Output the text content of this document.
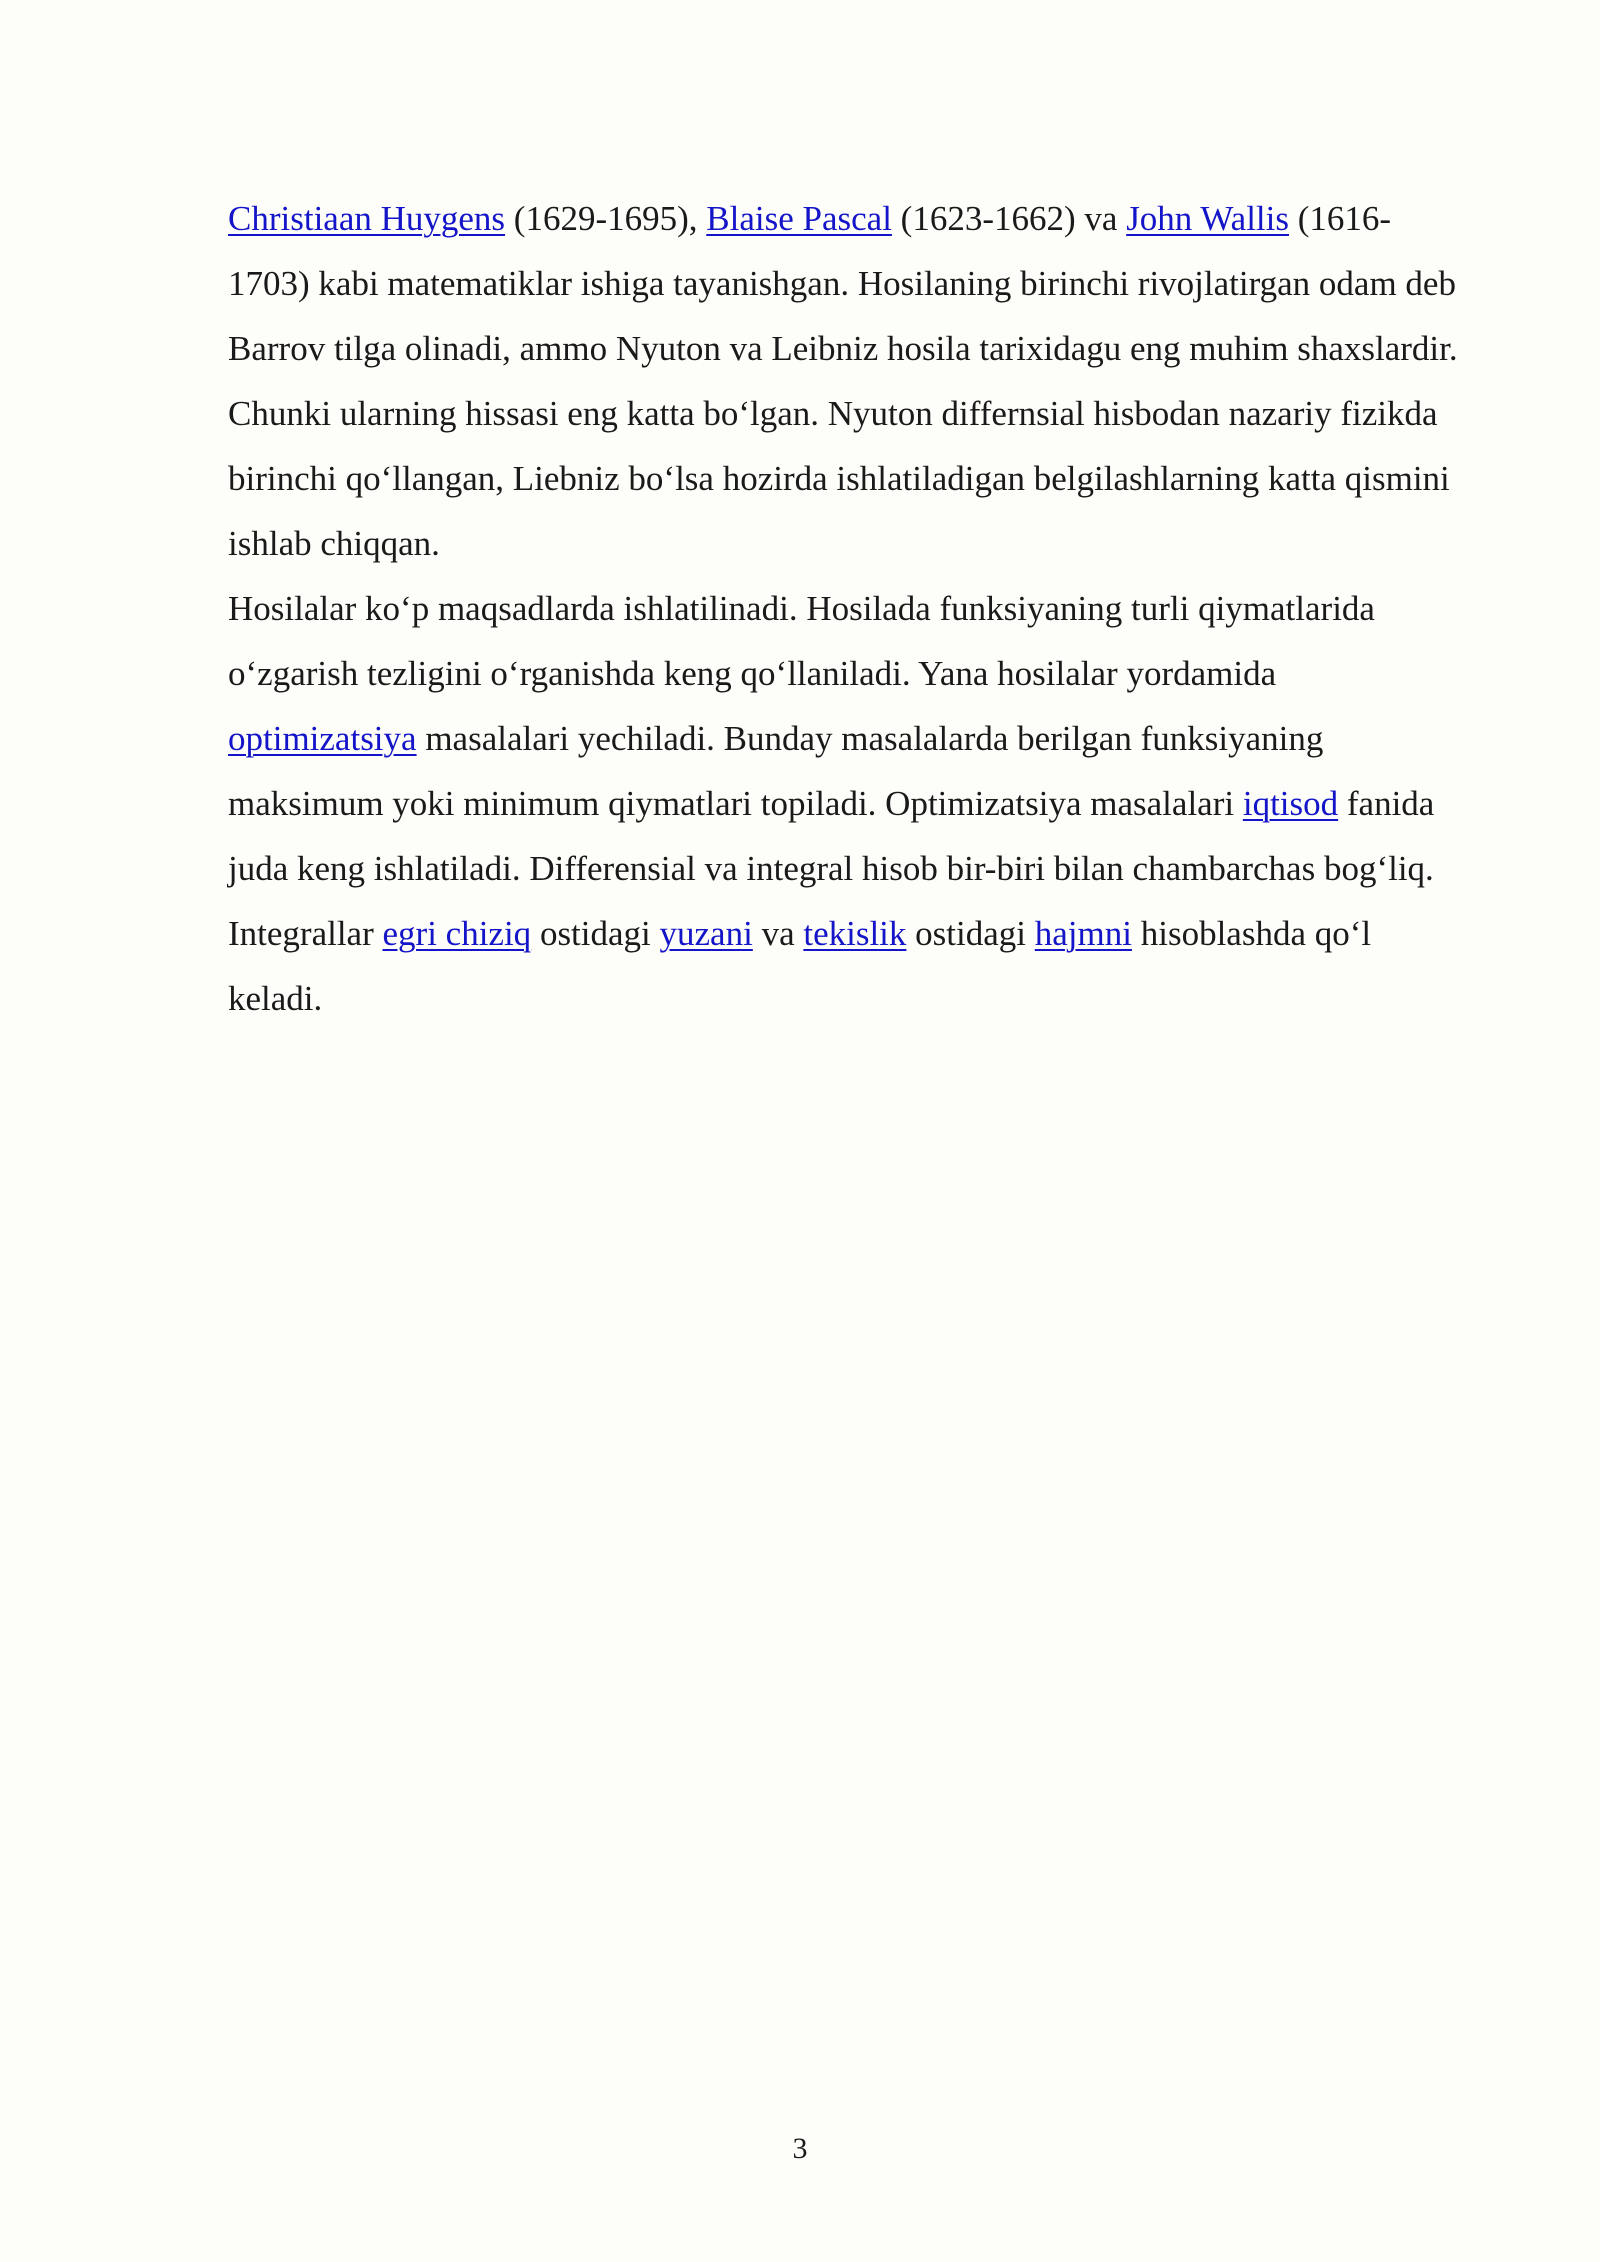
Christiaan Huygens (1629-1695), Blaise Pascal (1623-1662) va John Wallis (1616-1703) kabi matematiklar ishiga tayanishgan. Hosilaning birinchi rivojlatirgan odam deb Barrov tilga olinadi, ammo Nyuton va Leibniz hosila tarixidagu eng muhim shaxslardir. Chunki ularning hissasi eng katta bo‘lgan. Nyuton differnsial hisbodan nazariy fizikda birinchi qo‘llangan, Liebniz bo‘lsa hozirda ishlatiladigan belgilashlarning katta qismini ishlab chiqqan.

Hosilalar ko‘p maqsadlarda ishlatilinadi. Hosilada funksiyaning turli qiymatlarida o‘zgarish tezligini o‘rganishda keng qo‘llaniladi. Yana hosilalar yordamida optimizatsiya masalalari yechiladi. Bunday masalalarda berilgan funksiyaning maksimum yoki minimum qiymatlari topiladi. Optimizatsiya masalalari iqtisod fanida juda keng ishlatiladi. Differensial va integral hisob bir-biri bilan chambarchas bog‘liq.

Integrallar egri chiziq ostidagi yuzani va tekislik ostidagi hajmni hisoblashda qo‘l keladi.

3
